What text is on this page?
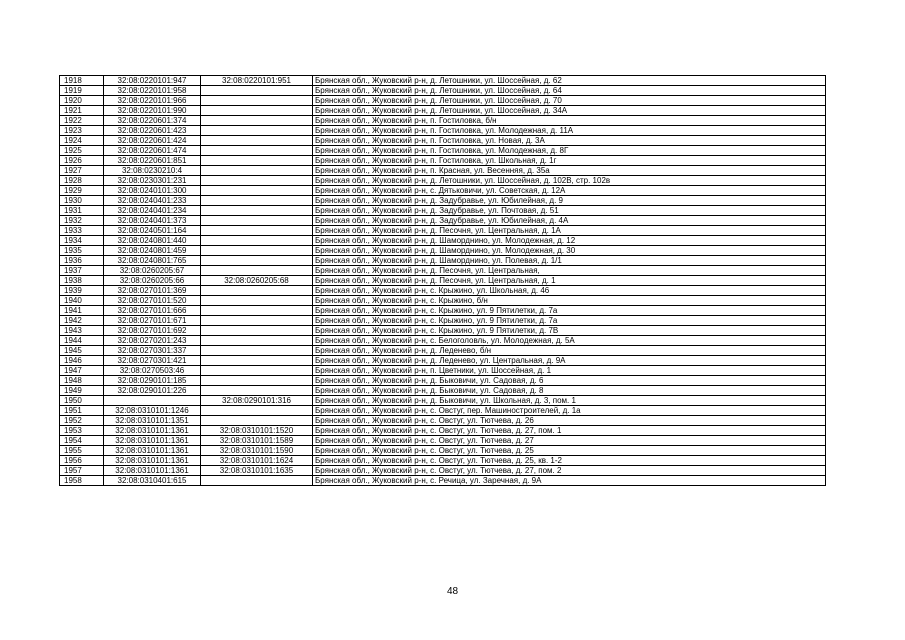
1918	32:08:0220101:947	32:08:0220101:951	Брянская обл., Жуковский р-н, д. Летошники, ул. Шоссейная, д. 62
1919	32:08:0220101:958		Брянская обл., Жуковский р-н, д. Летошники, ул. Шоссейная, д. 64
1920	32:08:0220101:966		Брянская обл., Жуковский р-н, д. Летошники, ул. Шоссейная, д. 70
1921	32:08:0220101:990		Брянская обл., Жуковский р-н, д. Летошники, ул. Шоссейная, д. 34А
1922	32:08:0220601:374		Брянская обл., Жуковский р-н, п. Гостиловка, б/н
1923	32:08:0220601:423		Брянская обл., Жуковский р-н, п. Гостиловка, ул. Молодежная, д. 11А
1924	32:08:0220601:424		Брянская обл., Жуковский р-н, п. Гостиловка, ул. Новая, д. 3А
1925	32:08:0220601:474		Брянская обл., Жуковский р-н, п. Гостиловка, ул. Молодежная, д. 8Г
1926	32:08:0220601:851		Брянская обл., Жуковский р-н, п. Гостиловка, ул. Школьная, д. 1г
1927	32:08:0230210:4		Брянская обл., Жуковский р-н, п. Красная, ул. Весенняя, д. 35а
1928	32:08:0230301:231		Брянская обл., Жуковский р-н, д. Летошники, ул. Шоссейная, д. 102В, стр. 102в
1929	32:08:0240101:300		Брянская обл., Жуковский р-н, с. Дятьковичи, ул. Советская, д. 12А
1930	32:08:0240401:233		Брянская обл., Жуковский р-н, д. Задубравье, ул. Юбилейная, д. 9
1931	32:08:0240401:234		Брянская обл., Жуковский р-н, д. Задубравье, ул. Почтовая, д. 51
1932	32:08:0240401:373		Брянская обл., Жуковский р-н, д. Задубравье, ул. Юбилейная, д. 4А
1933	32:08:0240501:164		Брянская обл., Жуковский р-н, д. Песочня, ул. Центральная, д. 1А
1934	32:08:0240801:440		Брянская обл., Жуковский р-н, д. Шаморднино, ул. Молодежная, д. 12
1935	32:08:0240801:459		Брянская обл., Жуковский р-н, д. Шаморднино, ул. Молодежная, д. 30
1936	32:08:0240801:765		Брянская обл., Жуковский р-н, д. Шаморднино, ул. Полевая, д. 1/1
1937	32:08:0260205:67		Брянская обл., Жуковский р-н, д. Песочня, ул. Центральная,
1938	32:08:0260205:66	32:08:0260205:68	Брянская обл., Жуковский р-н, д. Песочня, ул. Центральная, д. 1
1939	32:08:0270101:369		Брянская обл., Жуковский р-н, с. Крыжино, ул. Школьная, д. 46
1940	32:08:0270101:520		Брянская обл., Жуковский р-н, с. Крыжино, б/н
1941	32:08:0270101:666		Брянская обл., Жуковский р-н, с. Крыжино, ул. 9 Пятилетки, д. 7а
1942	32:08:0270101:671		Брянская обл., Жуковский р-н, с. Крыжино, ул. 9 Пятилетки, д. 7а
1943	32:08:0270101:692		Брянская обл., Жуковский р-н, с. Крыжино, ул. 9 Пятилетки, д. 7В
1944	32:08:0270201:243		Брянская обл., Жуковский р-н, с. Белоголовль, ул. Молодежная, д. 5А
1945	32:08:0270301:337		Брянская обл., Жуковский р-н, д. Леденево, б/н
1946	32:08:0270301:421		Брянская обл., Жуковский р-н, д. Леденево, ул. Центральная, д. 9А
1947	32:08:0270503:46		Брянская обл., Жуковский р-н, п. Цветники, ул. Шоссейная, д. 1
1948	32:08:0290101:185		Брянская обл., Жуковский р-н, д. Быковичи, ул. Садовая, д. 6
1949	32:08:0290101:226		Брянская обл., Жуковский р-н, д. Быковичи, ул. Садовая, д. 8
1950		32:08:0290101:316	Брянская обл., Жуковский р-н, д. Быковичи, ул. Школьная, д. 3, пом. 1
1951	32:08:0310101:1246		Брянская обл., Жуковский р-н, с. Овстуг, пер. Машиностроителей, д. 1а
1952	32:08:0310101:1351		Брянская обл., Жуковский р-н, с. Овстуг, ул. Тютчева, д. 26
1953	32:08:0310101:1361	32:08:0310101:1520	Брянская обл., Жуковский р-н, с. Овстуг, ул. Тютчева, д. 27, пом. 1
1954	32:08:0310101:1361	32:08:0310101:1589	Брянская обл., Жуковский р-н, с. Овстуг, ул. Тютчева, д. 27
1955	32:08:0310101:1361	32:08:0310101:1590	Брянская обл., Жуковский р-н, с. Овстуг, ул. Тютчева, д. 25
1956	32:08:0310101:1361	32:08:0310101:1624	Брянская обл., Жуковский р-н, с. Овстуг, ул. Тютчева, д. 25, кв. 1-2
1957	32:08:0310101:1361	32:08:0310101:1635	Брянская обл., Жуковский р-н, с. Овстуг, ул. Тютчева, д. 27, пом. 2
1958	32:08:0310401:615		Брянская обл., Жуковский р-н, с. Речица, ул. Заречная, д. 9А
48
